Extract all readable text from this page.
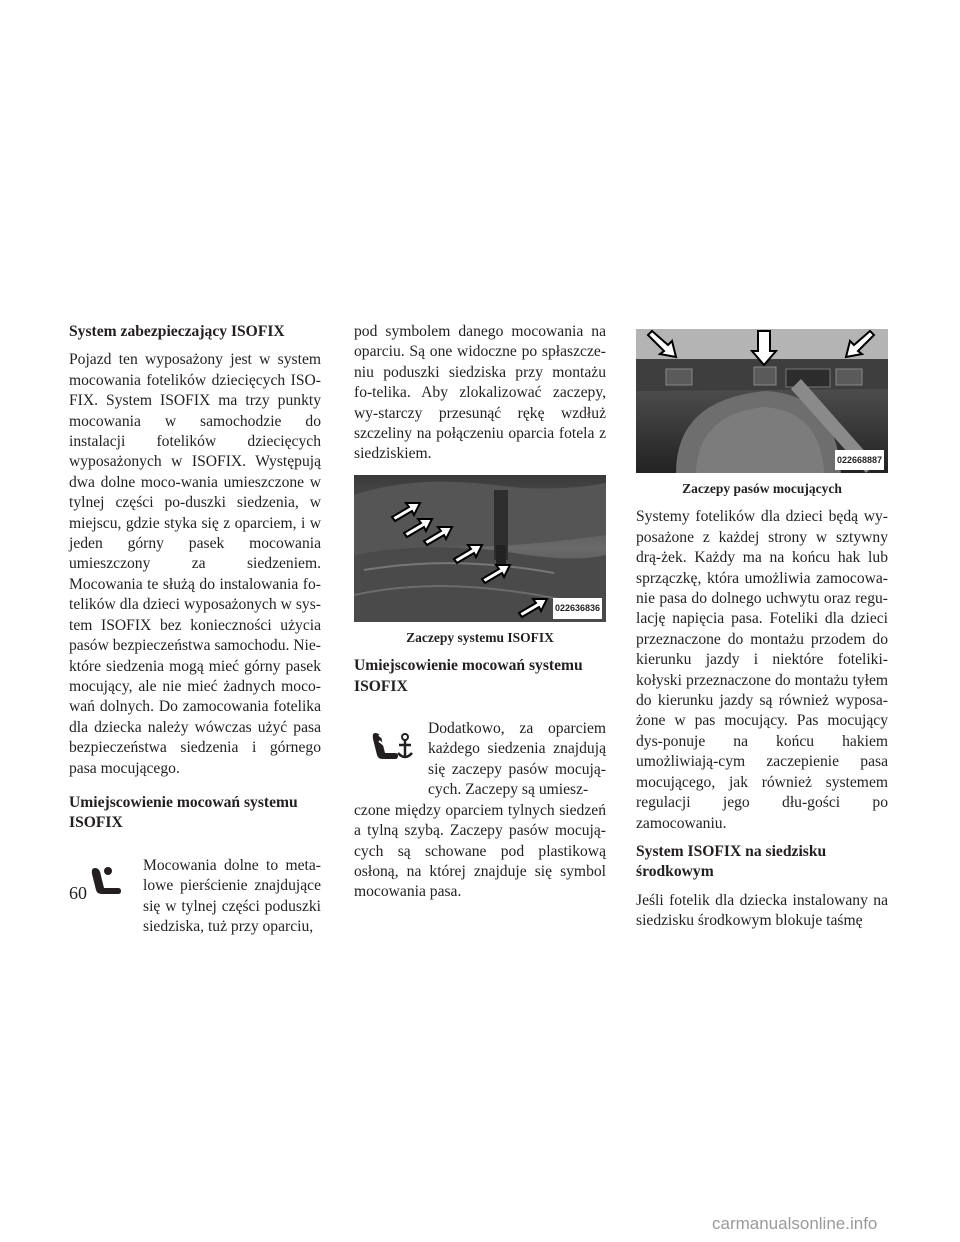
System zabezpieczający ISOFIX

Pojazd ten wyposażony jest w system mocowania fotelików dziecięcych ISO-FIX. System ISOFIX ma trzy punkty mocowania w samochodzie do instalacji fotelików dziecięcych wyposażonych w ISOFIX. Występują dwa dolne moco-wania umieszczone w tylnej części po-duszki siedzenia, w miejscu, gdzie styka się z oparciem, i w jeden górny pasek mocowania umieszczony za siedzeniem. Mocowania te służą do instalowania fo-telików dla dzieci wyposażonych w sys-tem ISOFIX bez konieczności użycia pasów bezpieczeństwa samochodu. Nie-które siedzenia mogą mieć górny pasek mocujący, ale nie mieć żadnych moco-wań dolnych. Do zamocowania fotelika dla dziecka należy wówczas użyć pasa bezpieczeństwa siedzenia i górnego pasa mocującego.

Umiejscowienie mocowań systemu ISOFIX

Mocowania dolne to meta-lowe pierścienie znajdujące się w tylnej części poduszki siedziska, tuż przy oparciu,

pod symbolem danego mocowania na oparciu. Są one widoczne po spłaszcze-niu poduszki siedziska przy montażu fo-telika. Aby zlokalizować zaczepy, wy-starczy przesunąć rękę wzdłuż szczeliny na połączeniu oparcia fotela z siedziskiem.

022636836
Zaczepy systemu ISOFIX
Umiejscowienie mocowań systemu ISOFIX

Dodatkowo, za oparciem każdego siedzenia znajdują się zaczepy pasów mocują-cych. Zaczepy są umiesz-

czone między oparciem tylnych siedzeń a tylną szybą. Zaczepy pasów mocują-cych są schowane pod plastikową osłoną, na której znajduje się symbol mocowania pasa.

022668887
Zaczepy pasów mocujących

Systemy fotelików dla dzieci będą wy-posażone z każdej strony w sztywny drą-żek. Każdy ma na końcu hak lub sprzączkę, która umożliwia zamocowa-nie pasa do dolnego uchwytu oraz regu-lację napięcia pasa. Foteliki dla dzieci przeznaczone do montażu przodem do kierunku jazdy i niektóre foteliki-kołyski przeznaczone do montażu tyłem do kierunku jazdy są również wyposa-żone w pas mocujący. Pas mocujący dys-ponuje na końcu hakiem umożliwiają-cym zaczepienie pasa mocującego, jak również systemem regulacji jego dłu-gości po zamocowaniu.

System ISOFIX na siedzisku środkowym

Jeśli fotelik dla dziecka instalowany na siedzisku środkowym blokuje taśmę

60
carmanualsonline.info
